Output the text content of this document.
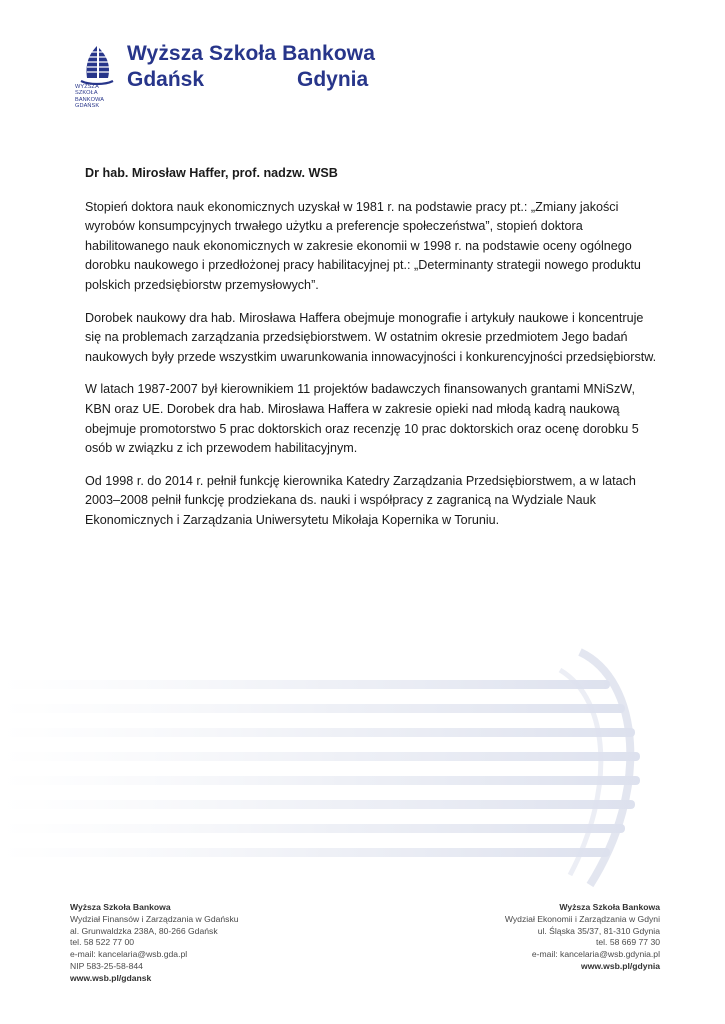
WYŻSZA SZKOŁA
BANKOWA
GDAŃSK
Wyższa Szkoła Bankowa
Gdańsk	Gdynia
Dr hab. Mirosław Haffer, prof. nadzw. WSB

Stopień doktora nauk ekonomicznych uzyskał w 1981 r. na podstawie pracy pt.: „Zmiany jakości wyrobów konsumpcyjnych trwałego użytku a preferencje społeczeństwa”, stopień doktora habilitowanego nauk ekonomicznych w zakresie ekonomii w 1998 r. na podstawie oceny ogólnego dorobku naukowego i przedłożonej pracy habilitacyjnej pt.: „Determinanty strategii nowego produktu polskich przedsiębiorstw przemysłowych”.

Dorobek naukowy dra hab. Mirosława Haffera obejmuje monografie i artykuły naukowe i koncentruje się na problemach zarządzania przedsiębiorstwem. W ostatnim okresie przedmiotem Jego badań naukowych były przede wszystkim uwarunkowania innowacyjności i konkurencyjności przedsiębiorstw.

W latach 1987-2007 był kierownikiem 11 projektów badawczych finansowanych grantami MNiSzW, KBN oraz UE. Dorobek dra hab. Mirosława Haffera w zakresie opieki nad młodą kadrą naukową obejmuje promotorstwo 5 prac doktorskich oraz recenzję 10 prac doktorskich oraz ocenę dorobku 5 osób w związku z ich przewodem habilitacyjnym.

Od 1998 r. do 2014 r. pełnił funkcję kierownika Katedry Zarządzania Przedsiębiorstwem, a w latach 2003–2008 pełnił funkcję prodziekana ds. nauki i współpracy z zagranicą na Wydziale Nauk Ekonomicznych i Zarządzania Uniwersytetu Mikołaja Kopernika w Toruniu.

Wyższa Szkoła Bankowa
Wydział Finansów i Zarządzania w Gdańsku
al. Grunwaldzka 238A, 80-266 Gdańsk
tel. 58 522 77 00
e-mail: kancelaria@wsb.gda.pl
NIP 583-25-58-844
www.wsb.pl/gdansk
Wyższa Szkoła Bankowa
Wydział Ekonomii i Zarządzania w Gdyni
ul. Śląska 35/37, 81-310 Gdynia
tel. 58 669 77 30
e-mail: kancelaria@wsb.gdynia.pl
www.wsb.pl/gdynia
